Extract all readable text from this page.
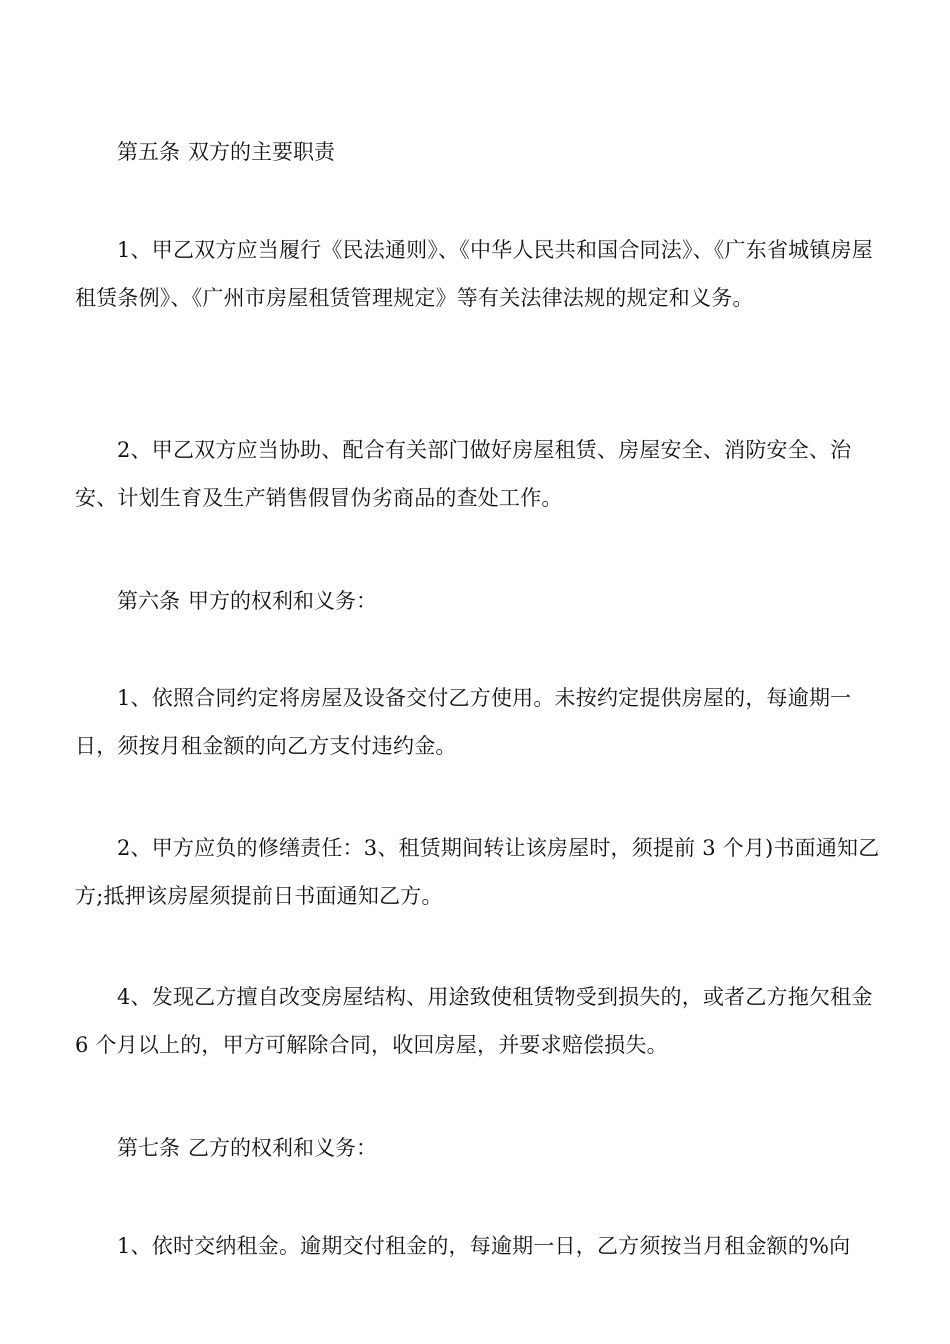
第五条 双方的主要职责
1、甲乙双方应当履行《民法通则》、《中华人民共和国合同法》、《广东省城镇房屋租赁条例》、《广州市房屋租赁管理规定》等有关法律法规的规定和义务。
2、甲乙双方应当协助、配合有关部门做好房屋租赁、房屋安全、消防安全、治安、计划生育及生产销售假冒伪劣商品的查处工作。
第六条 甲方的权利和义务：
1、依照合同约定将房屋及设备交付乙方使用。未按约定提供房屋的，每逾期一日，须按月租金额的向乙方支付违约金。
2、甲方应负的修缮责任：3、租赁期间转让该房屋时，须提前 3 个月)书面通知乙方;抵押该房屋须提前日书面通知乙方。
4、发现乙方擅自改变房屋结构、用途致使租赁物受到损失的，或者乙方拖欠租金 6 个月以上的，甲方可解除合同，收回房屋，并要求赔偿损失。
第七条 乙方的权利和义务：
1、依时交纳租金。逾期交付租金的，每逾期一日，乙方须按当月租金额的%向
